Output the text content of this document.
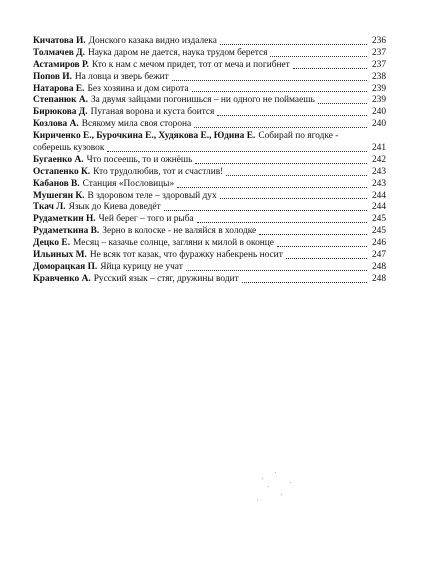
Кичатова И. Донского казака видно издалека	236
Толмачев Д. Наука даром не дается, наука трудом берется	237
Астамиров Р. Кто к нам с мечом придет, тот от меча и погибнет	237
Попов И. На ловца и зверь бежит	238
Натарова Е. Без хозяина и дом сирота	239
Степанюк А. За двумя зайцами погонишься – ни одного не поймаешь	239
Бирюкова Д. Пуганая ворона и куста боится	240
Козлова А. Всякому мила своя сторона	240
Кириченко Е., Бурочкина Е., Худякова Е., Юдина Е. Собирай по ягодке -
соберешь кузовок	241
Бугаенко А. Что посеешь, то и ожнёшь	242
Остапенко К. Кто трудолюбив, тот и счастлив!	243
Кабанов В. Станция «Пословицы»	243
Мушегян К. В здоровом теле – здоровый дух	244
Ткач Л. Язык до Киева доведёт	244
Рудаметкин Н. Чей берег – того и рыба	245
Рудаметкина В. Зерно в колоске - не валяйся в холодке	245
Децко Е. Месяц – казачье солнце, загляни к милой в оконце	246
Ильиных М. Не всяк тот казак, что фуражку набекрень носит	247
Доморацкая П. Яйца курицу не учат	248
Кравченко А. Русский язык – стяг, дружины водит	248
